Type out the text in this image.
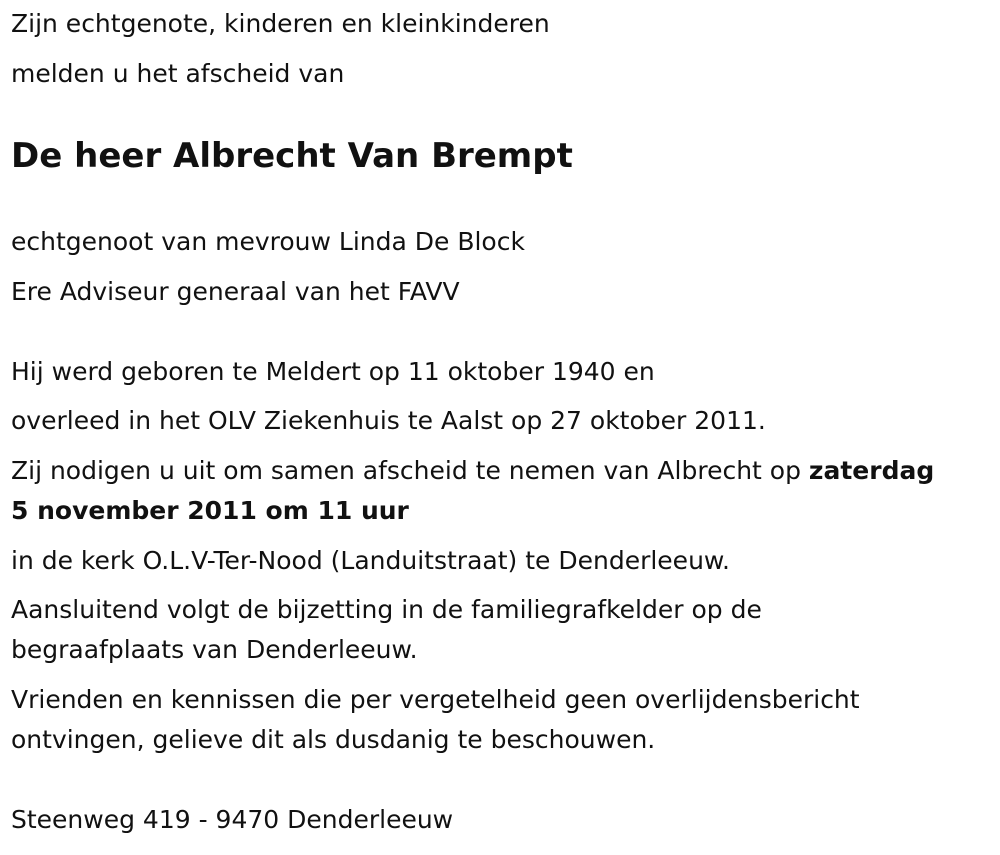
Zijn echtgenote, kinderen en kleinkinderen

melden u het afscheid van

De heer Albrecht Van Brempt

echtgenoot van mevrouw Linda De Block

Ere Adviseur generaal van het FAVV

Hij werd geboren te Meldert op 11 oktober 1940 en

overleed in het OLV Ziekenhuis te Aalst op 27 oktober 2011.

Zij nodigen u uit om samen afscheid te nemen van Albrecht op zaterdag

5 november 2011 om 11 uur

in de kerk O.L.V-Ter-Nood (Landuitstraat) te Denderleeuw.

Aansluitend volgt de bijzetting in de familiegrafkelder op de

begraafplaats van Denderleeuw.

Vrienden en kennissen die per vergetelheid geen overlijdensbericht

ontvingen, gelieve dit als dusdanig te beschouwen.

Steenweg 419 - 9470 Denderleeuw
